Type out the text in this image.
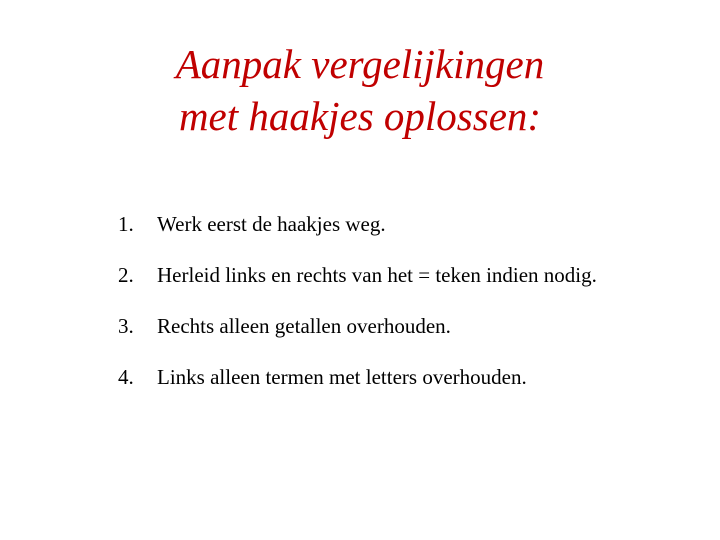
Aanpak vergelijkingen
met haakjes oplossen:
1.	Werk eerst de haakjes weg.
2.	Herleid links en rechts van het = teken indien nodig.
3.	Rechts alleen getallen overhouden.
4.	Links alleen termen met letters overhouden.
